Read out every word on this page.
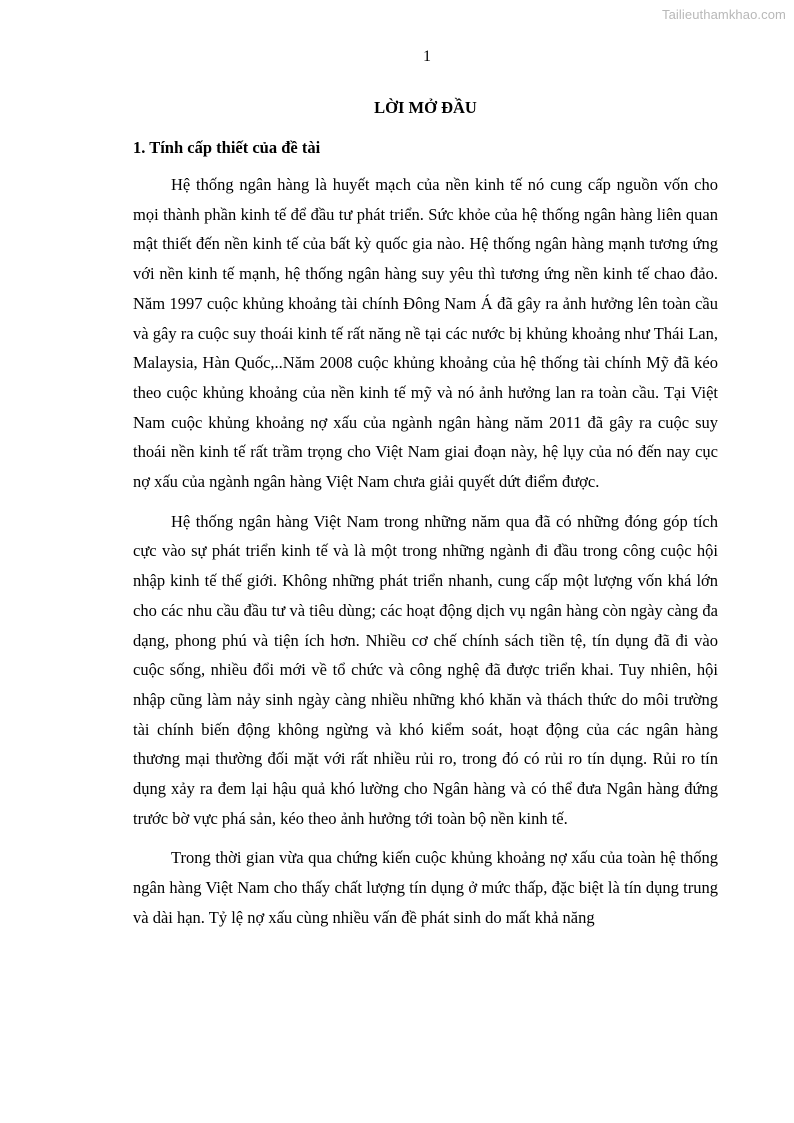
Tailieuthamkhao.com
1
LỜI MỞ ĐẦU
1. Tính cấp thiết của đề tài

Hệ thống ngân hàng là huyết mạch của nền kinh tế nó cung cấp nguồn vốn cho mọi thành phần kinh tế để đầu tư phát triển. Sức khỏe của hệ thống ngân hàng liên quan mật thiết đến nền kinh tế của bất kỳ quốc gia nào. Hệ thống ngân hàng mạnh tương ứng với nền kinh tế mạnh, hệ thống ngân hàng suy yêu thì tương ứng nền kinh tế chao đảo. Năm 1997 cuộc khủng khoảng tài chính Đông Nam Á đã gây ra ảnh hưởng lên toàn cầu và gây ra cuộc suy thoái kinh tế rất năng nề tại các nước bị khủng khoảng như Thái Lan, Malaysia, Hàn Quốc,..Năm 2008 cuộc khủng khoảng của hệ thống tài chính Mỹ đã kéo theo cuộc khủng khoảng của nền kinh tế mỹ và nó ảnh hưởng lan ra toàn cầu. Tại Việt Nam cuộc khủng khoảng nợ xấu của ngành ngân hàng năm 2011 đã gây ra cuộc suy thoái nền kinh tế rất trầm trọng cho Việt Nam giai đoạn này, hệ lụy của nó đến nay cục nợ xấu của ngành ngân hàng Việt Nam chưa giải quyết dứt điểm được.

Hệ thống ngân hàng Việt Nam trong những năm qua đã có những đóng góp tích cực vào sự phát triển kinh tế và là một trong những ngành đi đầu trong công cuộc hội nhập kinh tế thế giới. Không những phát triển nhanh, cung cấp một lượng vốn khá lớn cho các nhu cầu đầu tư và tiêu dùng; các hoạt động dịch vụ ngân hàng còn ngày càng đa dạng, phong phú và tiện ích hơn. Nhiều cơ chế chính sách tiền tệ, tín dụng đã đi vào cuộc sống, nhiều đổi mới về tổ chức và công nghệ đã được triển khai. Tuy nhiên, hội nhập cũng làm nảy sinh ngày càng nhiều những khó khăn và thách thức do môi trường tài chính biến động không ngừng và khó kiểm soát, hoạt động của các ngân hàng thương mại thường đối mặt với rất nhiều rủi ro, trong đó có rủi ro tín dụng. Rủi ro tín dụng xảy ra đem lại hậu quả khó lường cho Ngân hàng và có thể đưa Ngân hàng đứng trước bờ vực phá sản, kéo theo ảnh hưởng tới toàn bộ nền kinh tế.

Trong thời gian vừa qua chứng kiến cuộc khủng khoảng nợ xấu của toàn hệ thống ngân hàng Việt Nam cho thấy chất lượng tín dụng ở mức thấp, đặc biệt là tín dụng trung và dài hạn. Tỷ lệ nợ xấu cùng nhiều vấn đề phát sinh do mất khả năng
